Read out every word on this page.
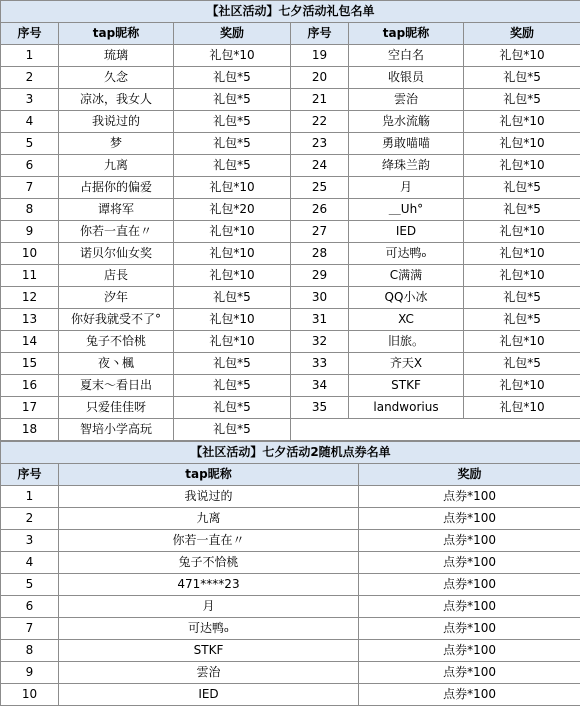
【社区活动】七夕活动礼包名单					
序号	tap昵称	奖励	序号	tap昵称	奖励
1	琉璃	礼包*10	19	空白名	礼包*10
2	久念	礼包*5	20	收银员	礼包*5
3	凉冰，我女人	礼包*5	21	雲治	礼包*5
4	我说过的	礼包*5	22	凫水流觞	礼包*10
5	梦	礼包*5	23	勇敢喵喵	礼包*10
6	九离	礼包*5	24	绛珠兰韵	礼包*10
7	占据你的偏爱	礼包*10	25	月	礼包*5
8	谭将军	礼包*20	26	＿Uh°	礼包*5
9	你若一直在〃	礼包*10	27	IED	礼包*10
10	诺贝尔仙女奖	礼包*10	28	可达鸭ₒ	礼包*10
11	店長	礼包*10	29	C满满	礼包*10
12	汐年	礼包*5	30	QQ小冰	礼包*5
13	你好我就受不了°	礼包*10	31	XC	礼包*5
14	兔子不恰桃	礼包*10	32	旧旅。	礼包*10
15	夜丶楓	礼包*5	33	齐天X	礼包*5
16	夏末～看日出	礼包*5	34	STKF	礼包*10
17	只爱佳佳呀	礼包*5	35	landworius	礼包*10
18	智培小学高玩	礼包*5			
【社区活动】七夕活动2随机点券名单		
序号	tap昵称	奖励
1	我说过的	点券*100
2	九离	点券*100
3	你若一直在〃	点券*100
4	兔子不恰桃	点券*100
5	471****23	点券*100
6	月	点券*100
7	可达鸭ₒ	点券*100
8	STKF	点券*100
9	雲治	点券*100
10	IED	点券*100
